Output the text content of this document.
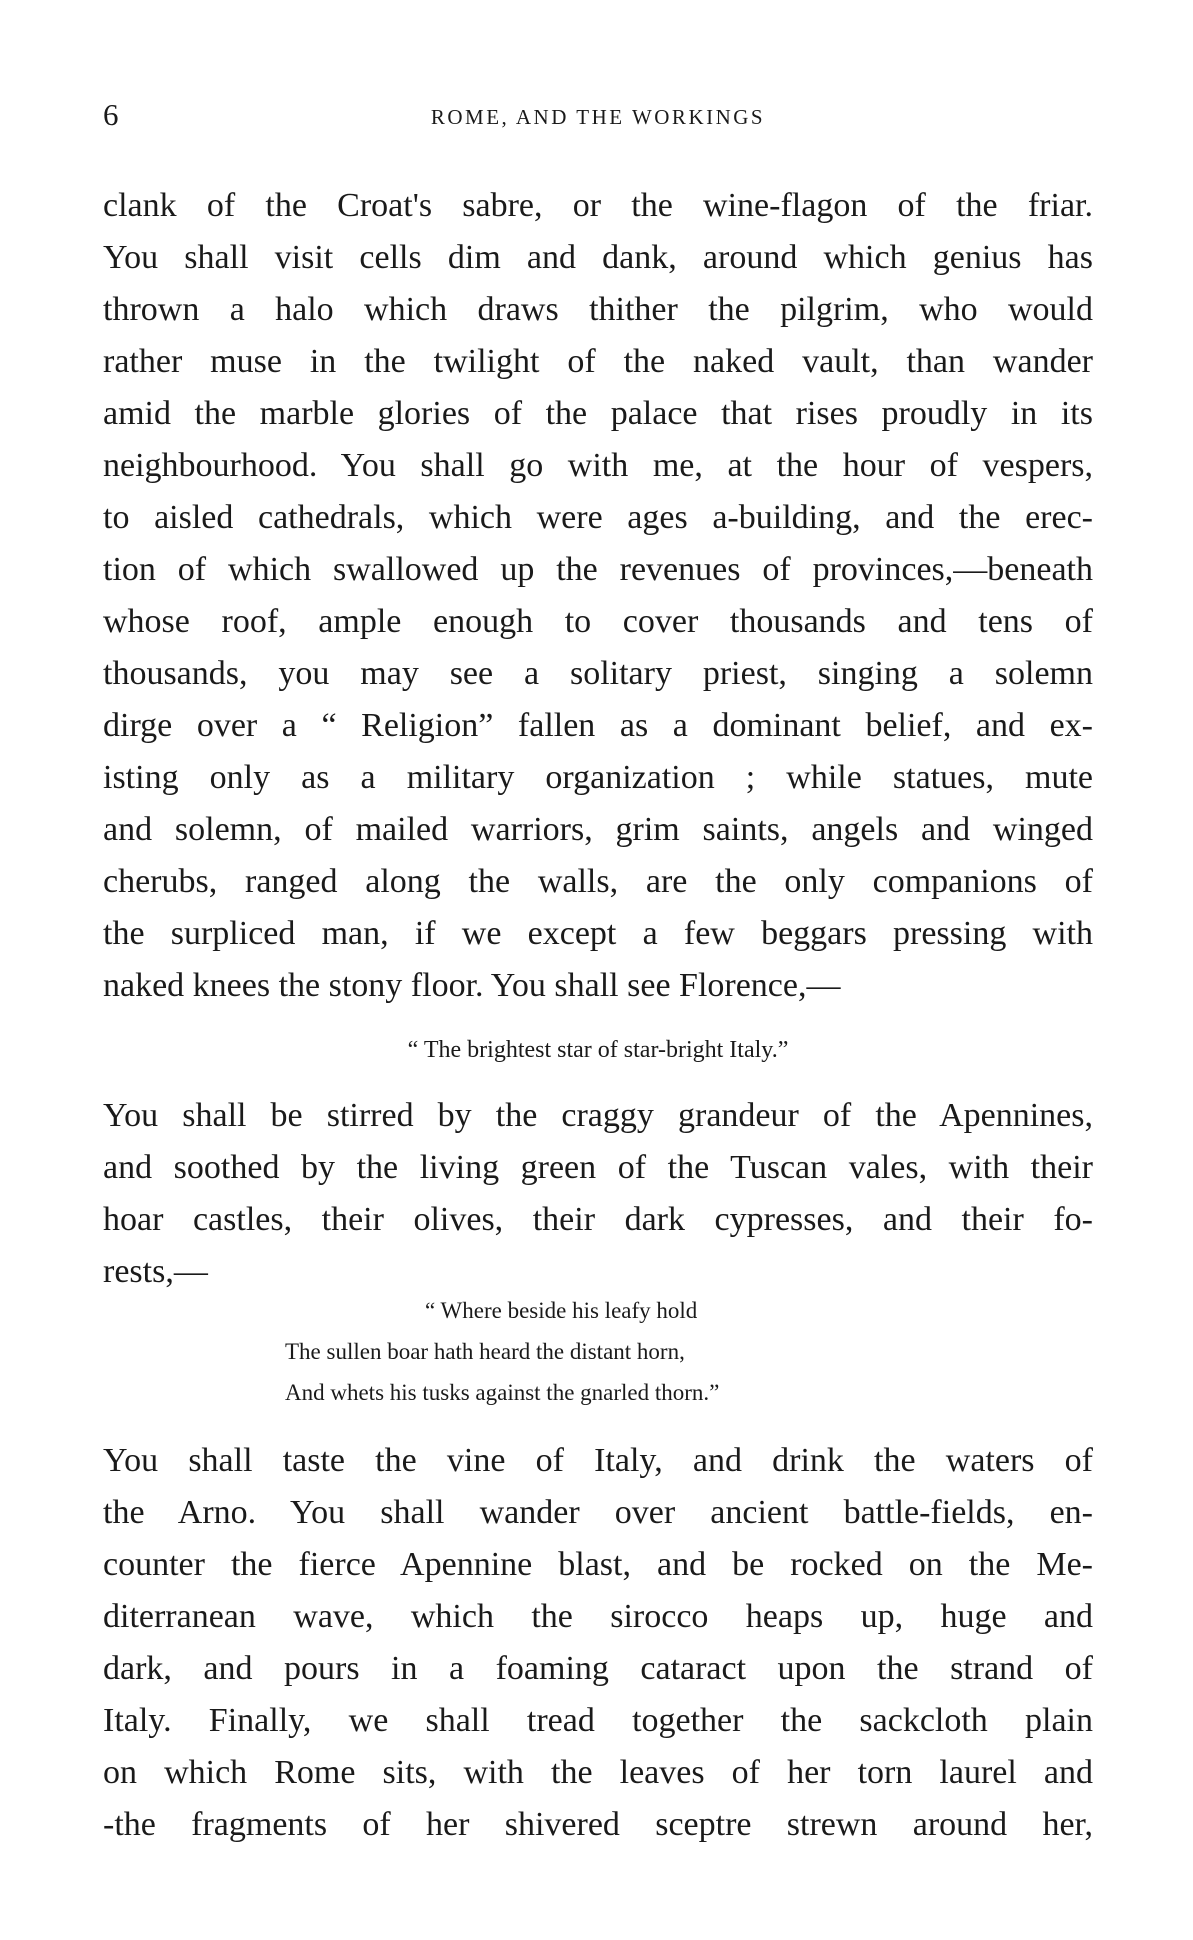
6	ROME, AND THE WORKINGS
clank of the Croat's sabre, or the wine-flagon of the friar.
You shall visit cells dim and dank, around which genius has
thrown a halo which draws thither the pilgrim, who would
rather muse in the twilight of the naked vault, than wander
amid the marble glories of the palace that rises proudly in its
neighbourhood. You shall go with me, at the hour of vespers,
to aisled cathedrals, which were ages a-building, and the erec-
tion of which swallowed up the revenues of provinces,—beneath
whose roof, ample enough to cover thousands and tens of
thousands, you may see a solitary priest, singing a solemn
dirge over a “ Religion” fallen as a dominant belief, and ex-
isting only as a military organization ; while statues, mute
and solemn, of mailed warriors, grim saints, angels and winged
cherubs, ranged along the walls, are the only companions of
the surpliced man, if we except a few beggars pressing with
naked knees the stony floor. You shall see Florence,—
“ The brightest star of star-bright Italy.”
You shall be stirred by the craggy grandeur of the Apennines,
and soothed by the living green of the Tuscan vales, with their
hoar castles, their olives, their dark cypresses, and their fo-
rests,—
“ Where beside his leafy hold
The sullen boar hath heard the distant horn,
And whets his tusks against the gnarled thorn.”
You shall taste the vine of Italy, and drink the waters of
the Arno. You shall wander over ancient battle-fields, en-
counter the fierce Apennine blast, and be rocked on the Me-
diterranean wave, which the sirocco heaps up, huge and
dark, and pours in a foaming cataract upon the strand of
Italy. Finally, we shall tread together the sackcloth plain
on which Rome sits, with the leaves of her torn laurel and
-the fragments of her shivered sceptre strewn around her,
